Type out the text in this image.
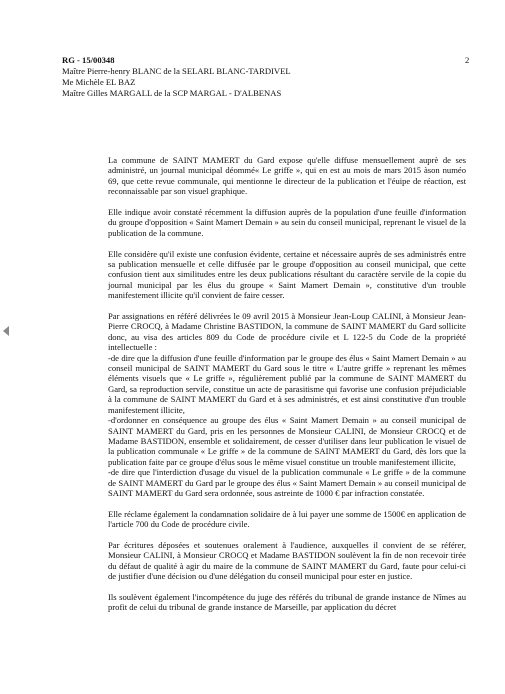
RG - 15/00348
Maître Pierre-henry BLANC de la SELARL BLANC-TARDIVEL
Me Michèle EL BAZ
Maître Gilles MARGALL de la SCP MARGAL - D'ALBENAS
2

La commune de SAINT MAMERT du Gard expose qu'elle diffuse mensuellement auprè de ses administré, un journal municipal déommé« Le griffe », qui en est au mois de mars 2015 àson numéo 69, que cette revue communale, qui mentionne le directeur de la publication et l'éuipe de réaction, est reconnaissable par son visuel graphique.

Elle indique avoir constaté récemment la diffusion auprès de la population d'une feuille d'information du groupe d'opposition « Saint Mamert Demain » au sein du conseil municipal, reprenant le visuel de la publication de la commune.

Elle considère qu'il existe une confusion évidente, certaine et nécessaire auprès de ses administrés entre sa publication mensuelle et celle diffusée par le groupe d'opposition au conseil municipal, que cette confusion tient aux similitudes entre les deux publications résultant du caractère servile de la copie du journal municipal par les élus du groupe « Saint Mamert Demain », constitutive d'un trouble manifestement illicite qu'il convient de faire cesser.

Par assignations en référé délivrées le 09 avril 2015 à Monsieur Jean-Loup CALINI, à Monsieur Jean-Pierre CROCQ, à Madame Christine BASTIDON, la commune de SAINT MAMERT du Gard sollicite donc, au visa des articles 809 du Code de procédure civile et L 122-5 du Code de la propriété intellectuelle :
-de dire que la diffusion d'une feuille d'information par le groupe des élus « Saint Mamert Demain » au conseil municipal de SAINT MAMERT du Gard sous le titre « L'autre griffe » reprenant les mêmes éléments visuels que « Le griffe », régulièrement publié par la commune de SAINT MAMERT du Gard, sa reproduction servile, constitue un acte de parasitisme qui favorise une confusion préjudiciable à la commune de SAINT MAMERT du Gard et à ses administrés, et est ainsi constitutive d'un trouble manifestement illicite,
-d'ordonner en conséquence au groupe des élus « Saint Mamert Demain » au conseil municipal de SAINT MAMERT du Gard, pris en les personnes de Monsieur CALINI, de Monsieur CROCQ et de Madame BASTIDON, ensemble et solidairement, de cesser d'utiliser dans leur publication le visuel de la publication communale « Le griffe » de la commune de SAINT MAMERT du Gard, dès lors que la publication faite par ce groupe d'élus sous le même visuel constitue un trouble manifestement illicite,
-de dire que l'interdiction d'usage du visuel de la publication communale « Le griffe » de la commune de SAINT MAMERT du Gard par le groupe des élus « Saint Mamert Demain » au conseil municipal de SAINT MAMERT du Gard sera ordonnée, sous astreinte de 1000 € par infraction constatée.

Elle réclame également la condamnation solidaire de à lui payer une somme de 1500€ en application de l'article 700 du Code de procédure civile.

Par écritures déposées et soutenues oralement à l'audience, auxquelles il convient de se référer, Monsieur CALINI, à Monsieur CROCQ et Madame BASTIDON soulèvent la fin de non recevoir tirée du défaut de qualité à agir du maire de la commune de SAINT MAMERT du Gard, faute pour celui-ci de justifier d'une décision ou d'une délégation du conseil municipal pour ester en justice.

Ils soulèvent également l'incompétence du juge des référés du tribunal de grande instance de Nîmes au profit de celui du tribunal de grande instance de Marseille, par application du décret
